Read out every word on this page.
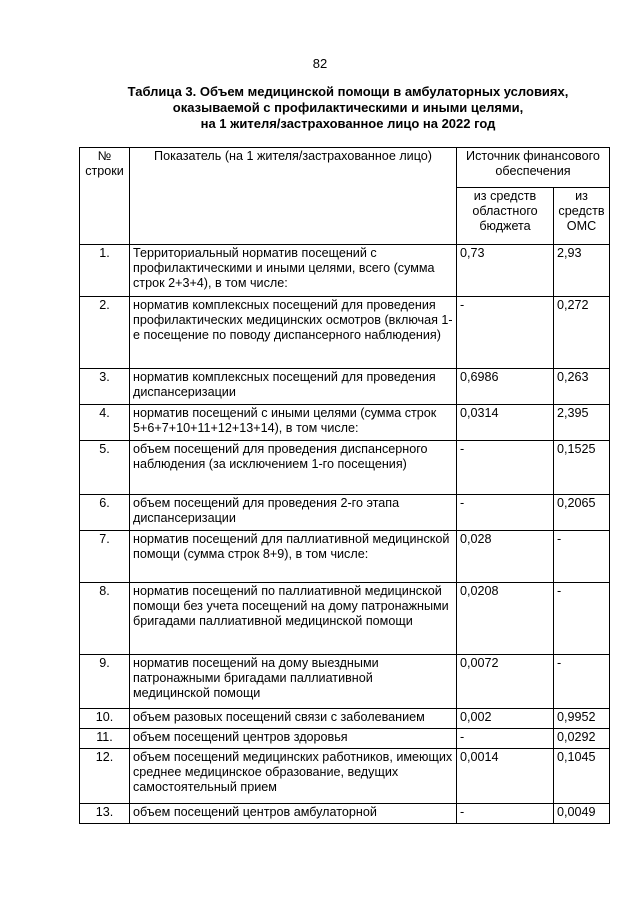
82
Таблица 3. Объем медицинской помощи в амбулаторных условиях,
оказываемой с профилактическими и иными целями,
на 1 жителя/застрахованное лицо на 2022 год
№ строки	Показатель (на 1 жителя/застрахованное лицо)	Источник финансового обеспечения	
		из средств областного бюджета	из средств ОМС
1.	Территориальный норматив посещений с профилактическими и иными целями, всего (сумма строк 2+3+4), в том числе:	0,73	2,93
2.	норматив комплексных посещений для проведения профилактических медицинских осмотров (включая 1-е посещение по поводу диспансерного наблюдения)	-	0,272
3.	норматив комплексных посещений для проведения диспансеризации	0,6986	0,263
4.	норматив посещений с иными целями (сумма строк 5+6+7+10+11+12+13+14), в том числе:	0,0314	2,395
5.	объем посещений для проведения диспансерного наблюдения (за исключением 1-го посещения)	-	0,1525
6.	объем посещений для проведения 2-го этапа диспансеризации	-	0,2065
7.	норматив посещений для паллиативной медицинской помощи (сумма строк 8+9), в том числе:	0,028	-
8.	норматив посещений по паллиативной медицинской помощи без учета посещений на дому патронажными бригадами паллиативной медицинской помощи	0,0208	-
9.	норматив посещений на дому выездными патронажными бригадами паллиативной медицинской помощи	0,0072	-
10.	объем разовых посещений связи с заболеванием	0,002	0,9952
11.	объем посещений центров здоровья	-	0,0292
12.	объем посещений медицинских работников, имеющих среднее медицинское образование, ведущих самостоятельный прием	0,0014	0,1045
13.	объем посещений центров амбулаторной	-	0,0049
